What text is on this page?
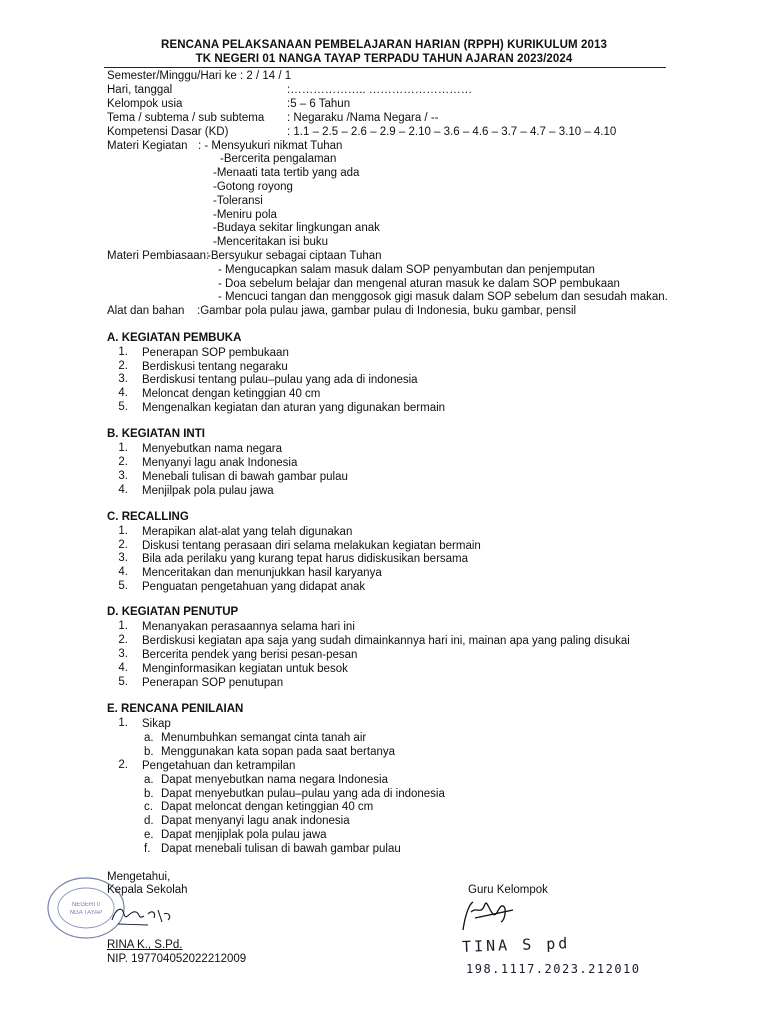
RENCANA PELAKSANAAN PEMBELAJARAN HARIAN (RPPH) KURIKULUM 2013
TK NEGERI 01 NANGA TAYAP TERPADU TAHUN AJARAN 2023/2024
Semester/Minggu/Hari ke : 2 / 14 / 1
Hari, tanggal	:……………….. ………………………
Kelompok usia	:5 – 6 Tahun
Tema / subtema / sub subtema : Negaraku /Nama Negara / --
Kompetensi Dasar (KD)	: 1.1 – 2.5 – 2.6 – 2.9 – 2.10 – 3.6 – 4.6 – 3.7 – 4.7 – 3.10 – 4.10
Materi Kegiatan : - Mensyukuri nikmat Tuhan
-Bercerita pengalaman
-Menaati tata tertib yang ada
-Gotong royong
-Toleransi
-Meniru pola
-Budaya sekitar lingkungan anak
-Menceritakan isi buku
Materi Pembiasaan:
-Bersyukur sebagai ciptaan Tuhan
- Mengucapkan salam masuk dalam SOP penyambutan dan penjemputan
- Doa sebelum belajar dan mengenal aturan masuk ke dalam SOP pembukaan
- Mencuci tangan dan menggosok gigi masuk dalam SOP sebelum dan sesudah makan.
Alat dan bahan :Gambar pola pulau jawa, gambar pulau di Indonesia, buku gambar, pensil
A. KEGIATAN PEMBUKA
1. Penerapan SOP pembukaan
2. Berdiskusi tentang negaraku
3. Berdiskusi tentang pulau–pulau yang ada di indonesia
4. Meloncat dengan ketinggian 40 cm
5. Mengenalkan kegiatan dan aturan yang digunakan bermain
B. KEGIATAN INTI
1. Menyebutkan nama negara
2. Menyanyi lagu anak Indonesia
3. Menebali tulisan di bawah gambar pulau
4. Menjilpak pola pulau jawa
C. RECALLING
1. Merapikan alat-alat yang telah digunakan
2. Diskusi tentang perasaan diri selama melakukan kegiatan bermain
3. Bila ada perilaku yang kurang tepat harus didiskusikan bersama
4. Menceritakan dan menunjukkan hasil karyanya
5. Penguatan pengetahuan yang didapat anak
D. KEGIATAN PENUTUP
1. Menanyakan perasaannya selama hari ini
2. Berdiskusi kegiatan apa saja yang sudah dimainkannya hari ini, mainan apa yang paling disukai
3. Bercerita pendek yang berisi pesan-pesan
4. Menginformasikan kegiatan untuk besok
5. Penerapan SOP penutupan
E. RENCANA PENILAIAN
1. Sikap
a. Menumbuhkan semangat cinta tanah air
b. Menggunakan kata sopan pada saat bertanya
2. Pengetahuan dan ketrampilan
a. Dapat menyebutkan nama negara Indonesia
b. Dapat menyebutkan pulau–pulau yang ada di indonesia
c. Dapat meloncat dengan ketinggian 40 cm
d. Dapat menyanyi lagu anak indonesia
e. Dapat menjiplak pola pulau jawa
f. Dapat menebali tulisan di bawah gambar pulau
NEGERI 0
NGA TAYAP
Mengetahui,
Kepala Sekolah
RINA K., S.Pd.
NIP. 197704052022212009
Guru Kelompok
TINA S pd
198.1117.2023.212010
